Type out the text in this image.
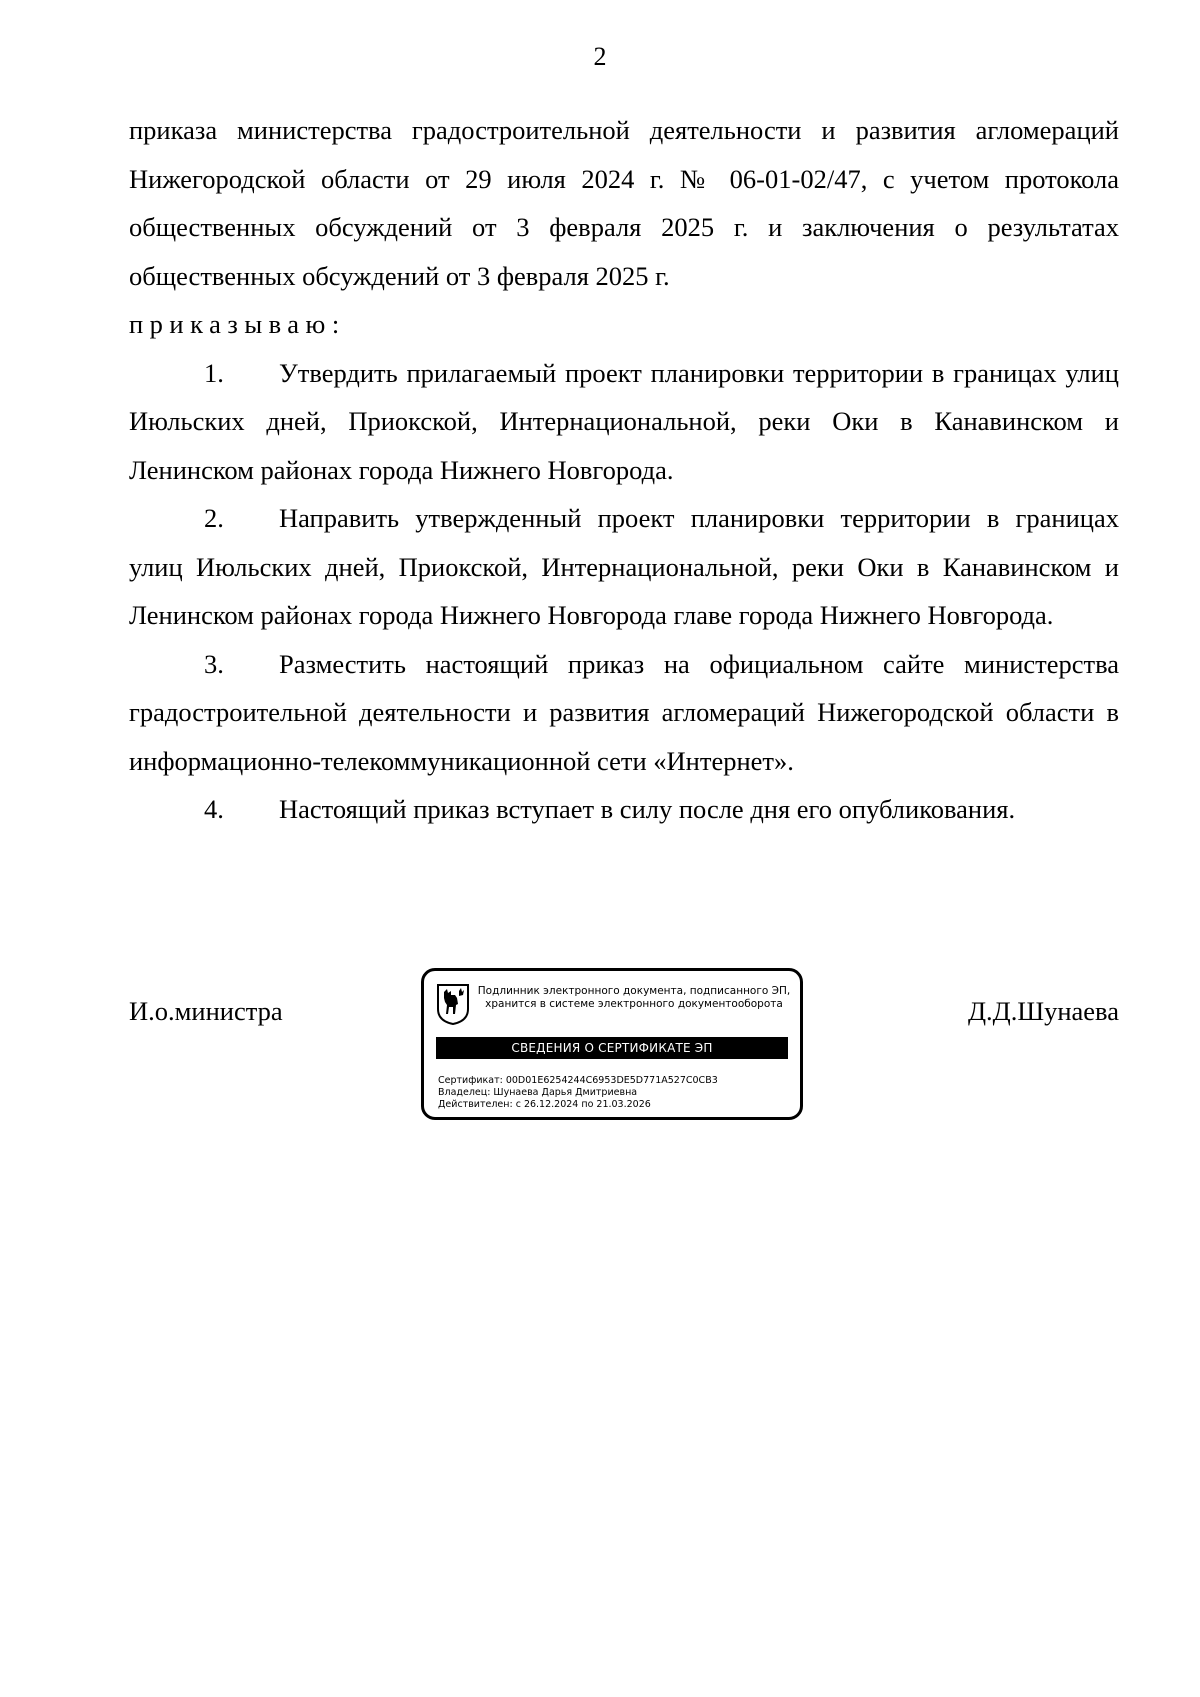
2

приказа министерства градостроительной деятельности и развития агломераций Нижегородской области от 29 июля 2024 г. № 06-01-02/47, с учетом протокола общественных обсуждений от 3 февраля 2025 г. и заключения о результатах общественных обсуждений от 3 февраля 2025 г.

приказываю:

1. Утвердить прилагаемый проект планировки территории в границах улиц Июльских дней, Приокской, Интернациональной, реки Оки в Канавинском и Ленинском районах города Нижнего Новгорода.

2. Направить утвержденный проект планировки территории в границах улиц Июльских дней, Приокской, Интернациональной, реки Оки в Канавинском и Ленинском районах города Нижнего Новгорода главе города Нижнего Новгорода.

3. Разместить настоящий приказ на официальном сайте министерства градостроительной деятельности и развития агломераций Нижегородской области в информационно-телекоммуникационной сети «Интернет».

4. Настоящий приказ вступает в силу после дня его опубликования.

И.о.министра
Подлинник электронного документа, подписанного ЭП,
хранится в системе электронного документооборота
СВЕДЕНИЯ О СЕРТИФИКАТЕ ЭП
Сертификат: 00D01E6254244C6953DE5D771A527C0CB3
Владелец: Шунаева Дарья Дмитриевна
Действителен: с 26.12.2024 по 21.03.2026
Д.Д.Шунаева
